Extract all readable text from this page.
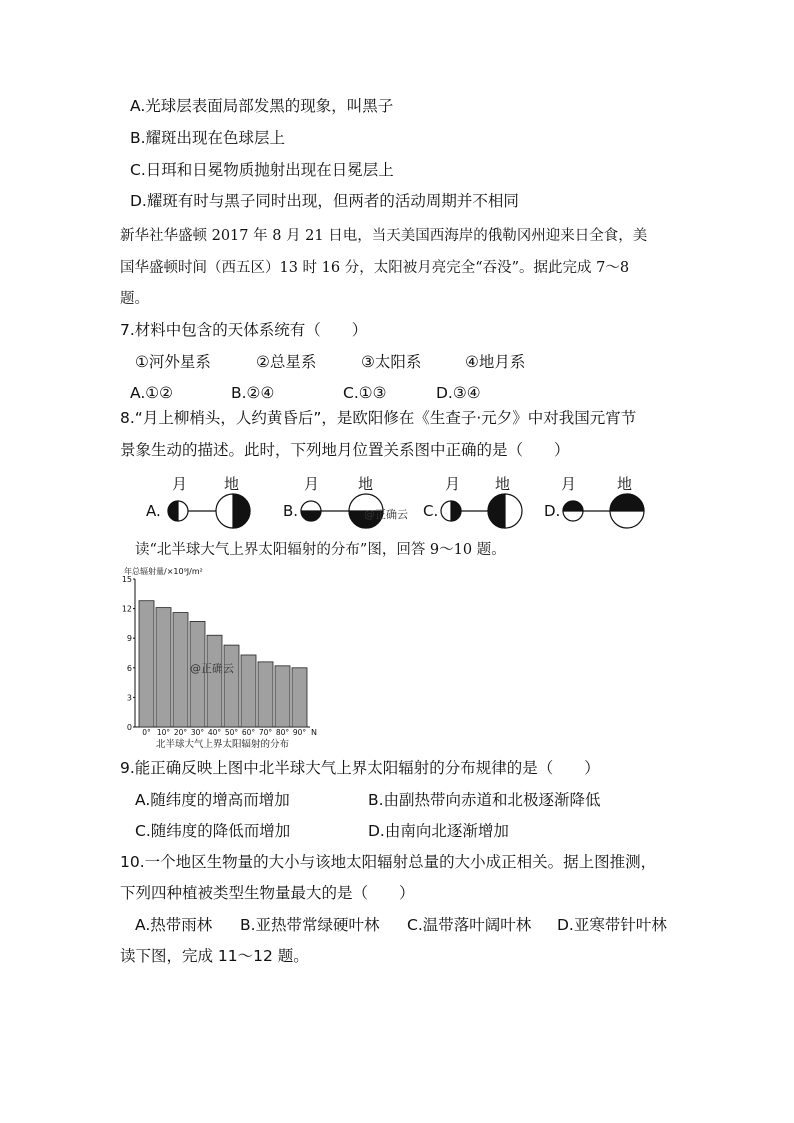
A.光球层表面局部发黑的现象，叫黑子
B.耀斑出现在色球层上
C.日珥和日冕物质抛射出现在日冕层上
D.耀斑有时与黑子同时出现，但两者的活动周期并不相同
新华社华盛顿 2017 年 8 月 21 日电，当天美国西海岸的俄勒冈州迎来日全食，美
国华盛顿时间（西五区）13 时 16 分，太阳被月亮完全“吞没”。据此完成 7～8
题。
7.材料中包含的天体系统有（　　）
①河外星系	②总星系	③太阳系	④地月系
A.①②	B.②④	C.①③	D.③④
8.“月上柳梢头，人约黄昏后”，是欧阳修在《生查子·元夕》中对我国元宵节
景象生动的描述。此时，下列地月位置关系图中正确的是（　　）
A.
月 地
B.
月	地
C.
月 地
D.
月	地
@正确云
读“北半球大气上界太阳辐射的分布”图，回答 9～10 题。
年总辐射量/×10⁹J/m²
0
3
6
9
12
15
0° 10° 20° 30° 40° 50° 60° 70° 80° 90° N
北半球大气上界太阳辐射的分布
@正确云
9.能正确反映上图中北半球大气上界太阳辐射的分布规律的是（　　）
A.随纬度的增高而增加	B.由副热带向赤道和北极逐渐降低
C.随纬度的降低而增加	D.由南向北逐渐增加
10.一个地区生物量的大小与该地太阳辐射总量的大小成正相关。据上图推测，
下列四种植被类型生物量最大的是（　　）
A.热带雨林 B.亚热带常绿硬叶林 C.温带落叶阔叶林 D.亚寒带针叶林
读下图，完成 11～12 题。
